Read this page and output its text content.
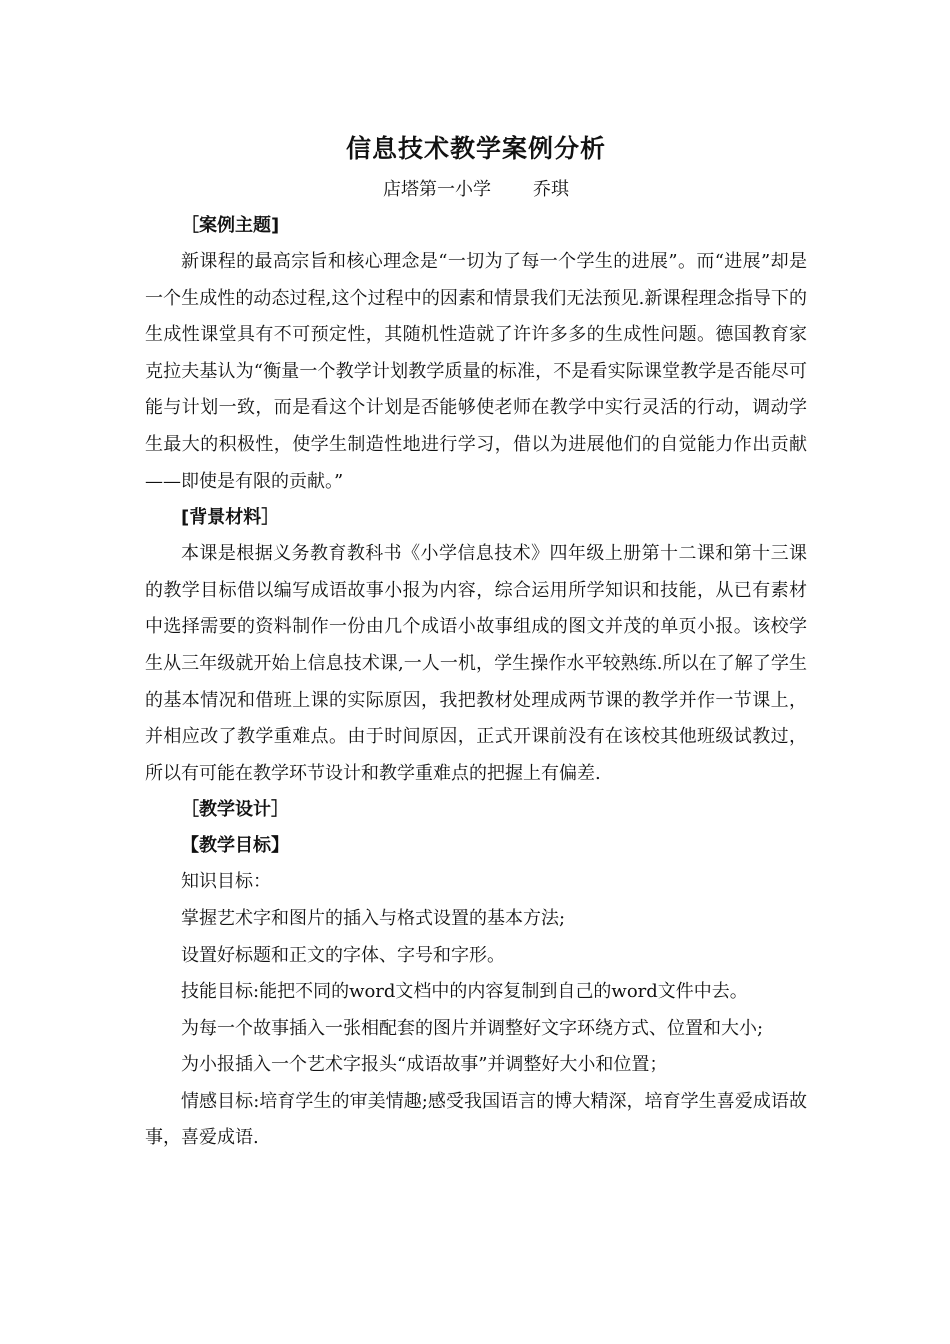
信息技术教学案例分析

店塔第一小学 乔琪

［案例主题]

新课程的最高宗旨和核心理念是“一切为了每一个学生的进展”。而“进展”却是一个生成性的动态过程,这个过程中的因素和情景我们无法预见.新课程理念指导下的生成性课堂具有不可预定性，其随机性造就了许许多多的生成性问题。德国教育家克拉夫基认为“衡量一个教学计划教学质量的标准，不是看实际课堂教学是否能尽可能与计划一致，而是看这个计划是否能够使老师在教学中实行灵活的行动，调动学生最大的积极性，使学生制造性地进行学习，借以为进展他们的自觉能力作出贡献——即使是有限的贡献。”

[背景材料］

本课是根据义务教育教科书《小学信息技术》四年级上册第十二课和第十三课的教学目标借以编写成语故事小报为内容，综合运用所学知识和技能，从已有素材中选择需要的资料制作一份由几个成语小故事组成的图文并茂的单页小报。该校学生从三年级就开始上信息技术课,一人一机，学生操作水平较熟练.所以在了解了学生的基本情况和借班上课的实际原因，我把教材处理成两节课的教学并作一节课上，并相应改了教学重难点。由于时间原因，正式开课前没有在该校其他班级试教过，所以有可能在教学环节设计和教学重难点的把握上有偏差.

［教学设计］

【教学目标】

知识目标：

掌握艺术字和图片的插入与格式设置的基本方法;

设置好标题和正文的字体、字号和字形。

技能目标:能把不同的word文档中的内容复制到自己的word文件中去。

为每一个故事插入一张相配套的图片并调整好文字环绕方式、位置和大小;

为小报插入一个艺术字报头“成语故事”并调整好大小和位置；

情感目标:培育学生的审美情趣;感受我国语言的博大精深，培育学生喜爱成语故事，喜爱成语.
